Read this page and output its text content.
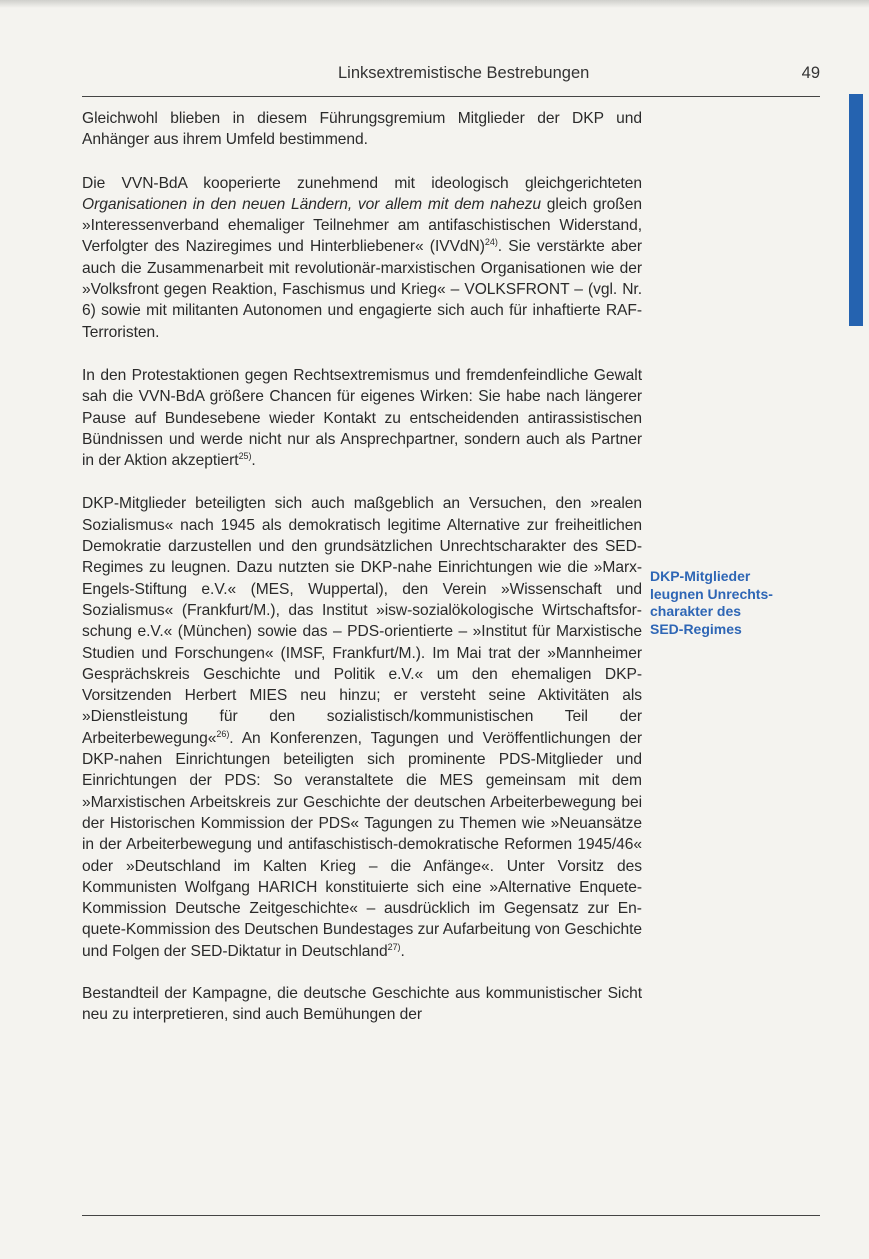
Linksextremistische Bestrebungen	49

Gleichwohl blieben in diesem Führungsgremium Mitglieder der DKP und Anhänger aus ihrem Umfeld bestimmend.

Die VVN-BdA kooperierte zunehmend mit ideologisch gleichgerichteten Organisationen in den neuen Ländern, vor allem mit dem nahezu gleich großen »Interessenverband ehemaliger Teilnehmer am antifaschistischen Widerstand, Verfolgter des Naziregimes und Hinterbliebener« (IVVdN)$^{24)}$. Sie verstärkte aber auch die Zusammenarbeit mit revolutionär-marxistischen Organisationen wie der »Volksfront gegen Reaktion, Faschismus und Krieg« – VOLKSFRONT – (vgl. Nr. 6) sowie mit militanten Autonomen und engagierte sich auch für inhaftierte RAF-Terroristen.

In den Protestaktionen gegen Rechtsextremismus und fremdenfeindliche Gewalt sah die VVN-BdA größere Chancen für eigenes Wirken: Sie habe nach längerer Pause auf Bundesebene wieder Kontakt zu entscheidenden antirassistischen Bündnissen und werde nicht nur als Ansprechpartner, sondern auch als Partner in der Aktion akzeptiert$^{25)}$.

DKP-Mitglieder beteiligten sich auch maßgeblich an Versuchen, den »realen Sozialismus« nach 1945 als demokratisch legitime Alternative zur freiheitlichen Demokratie darzustellen und den grundsätzlichen Unrechtscharakter des SED-Regimes zu leugnen. Dazu nutzten sie DKP-nahe Einrichtungen wie die »Marx-Engels-Stiftung e.V.« (MES, Wuppertal), den Verein »Wissenschaft und Sozialismus« (Frankfurt/M.), das Institut »isw-sozialökologische Wirtschaftsforschung e.V.« (München) sowie das – PDS-orientierte – »Institut für Marxistische Studien und Forschungen« (IMSF, Frankfurt/M.). Im Mai trat der »Mannheimer Gesprächskreis Geschichte und Politik e.V.« um den ehemaligen DKP-Vorsitzenden Herbert MIES neu hinzu; er versteht seine Aktivitäten als »Dienstleistung für den sozialistisch/kommunistischen Teil der Arbeiterbewegung«$^{26)}$. An Konferenzen, Tagungen und Veröffentlichungen der DKP-nahen Einrichtungen beteiligten sich prominente PDS-Mitglieder und Einrichtungen der PDS: So veranstaltete die MES gemeinsam mit dem »Marxistischen Arbeitskreis zur Geschichte der deutschen Arbeiterbewegung bei der Historischen Kommission der PDS« Tagungen zu Themen wie »Neuansätze in der Arbeiterbewegung und antifaschistisch-demokratische Reformen 1945/46« oder »Deutschland im Kalten Krieg – die Anfänge«. Unter Vorsitz des Kommunisten Wolfgang HARICH konstituierte sich eine »Alternative Enquete-Kommission Deutsche Zeitgeschichte« – ausdrücklich im Gegensatz zur Enquete-Kommission des Deutschen Bundestages zur Aufarbeitung von Geschichte und Folgen der SED-Diktatur in Deutschland$^{27)}$.

Bestandteil der Kampagne, die deutsche Geschichte aus kommunistischer Sicht neu zu interpretieren, sind auch Bemühungen der

DKP-Mitglieder
leugnen Unrechts-
charakter des
SED-Regimes
